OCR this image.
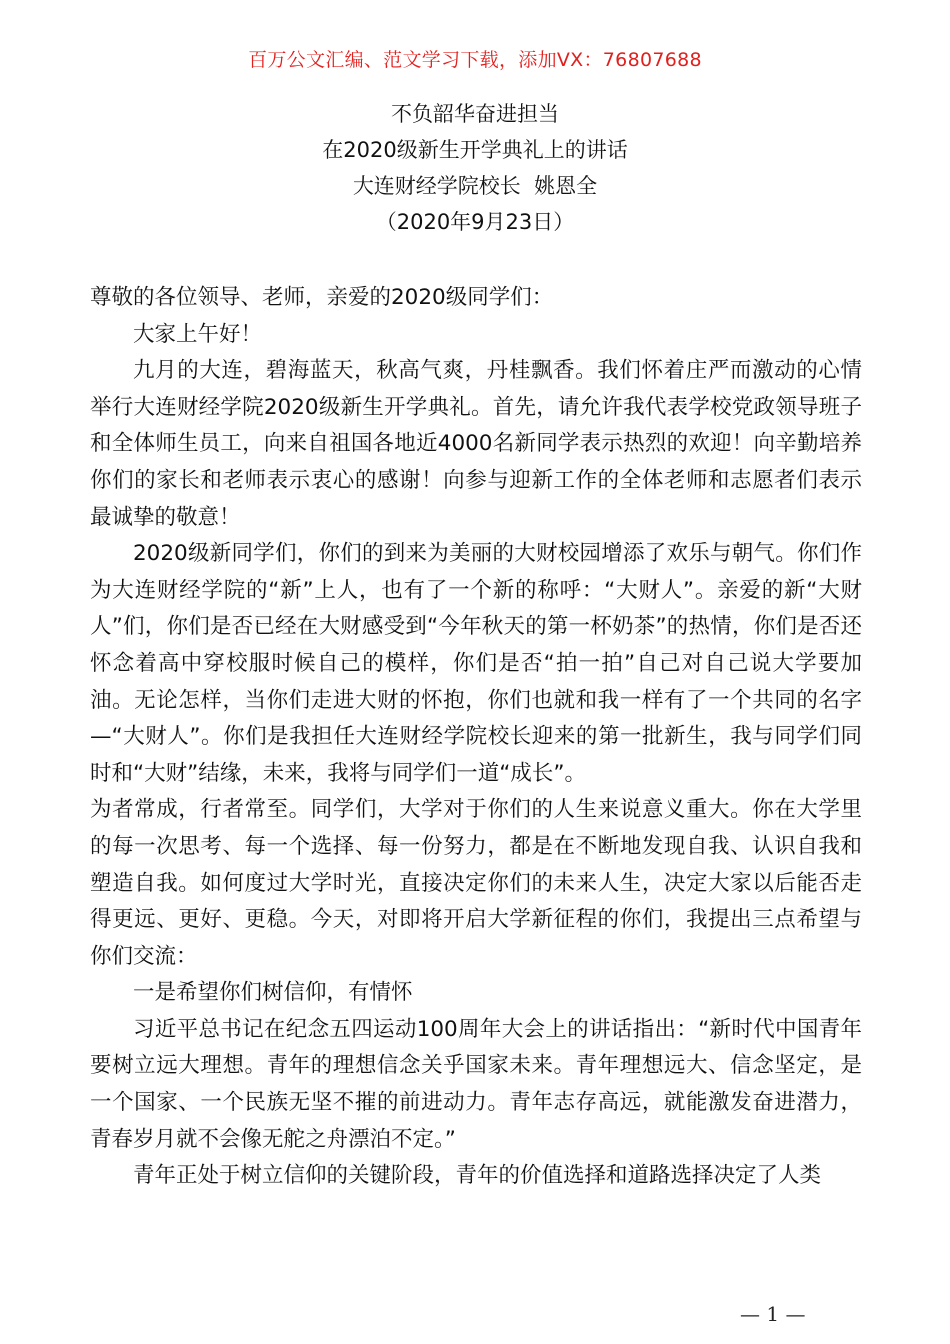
百万公文汇编、范文学习下载，添加VX：76807688
不负韶华奋进担当
在2020级新生开学典礼上的讲话
大连财经学院校长  姚恩全
（2020年9月23日）

尊敬的各位领导、老师，亲爱的2020级同学们：

大家上午好！

九月的大连，碧海蓝天，秋高气爽，丹桂飘香。我们怀着庄严而激动的心情举行大连财经学院2020级新生开学典礼。首先，请允许我代表学校党政领导班子和全体师生员工，向来自祖国各地近4000名新同学表示热烈的欢迎！向辛勤培养你们的家长和老师表示衷心的感谢！向参与迎新工作的全体老师和志愿者们表示最诚挚的敬意！

2020级新同学们，你们的到来为美丽的大财校园增添了欢乐与朝气。你们作为大连财经学院的“新”上人，也有了一个新的称呼：“大财人”。亲爱的新“大财人”们，你们是否已经在大财感受到“今年秋天的第一杯奶茶”的热情，你们是否还怀念着高中穿校服时候自己的模样，你们是否“拍一拍”自己对自己说大学要加油。无论怎样，当你们走进大财的怀抱，你们也就和我一样有了一个共同的名字—“大财人”。你们是我担任大连财经学院校长迎来的第一批新生，我与同学们同时和“大财”结缘，未来，我将与同学们一道“成长”。

为者常成，行者常至。同学们，大学对于你们的人生来说意义重大。你在大学里的每一次思考、每一个选择、每一份努力，都是在不断地发现自我、认识自我和塑造自我。如何度过大学时光，直接决定你们的未来人生，决定大家以后能否走得更远、更好、更稳。今天，对即将开启大学新征程的你们，我提出三点希望与你们交流：

一是希望你们树信仰，有情怀

习近平总书记在纪念五四运动100周年大会上的讲话指出：“新时代中国青年要树立远大理想。青年的理想信念关乎国家未来。青年理想远大、信念坚定，是一个国家、一个民族无坚不摧的前进动力。青年志存高远，就能激发奋进潜力，青春岁月就不会像无舵之舟漂泊不定。”

青年正处于树立信仰的关键阶段，青年的价值选择和道路选择决定了人类

— 1 —
